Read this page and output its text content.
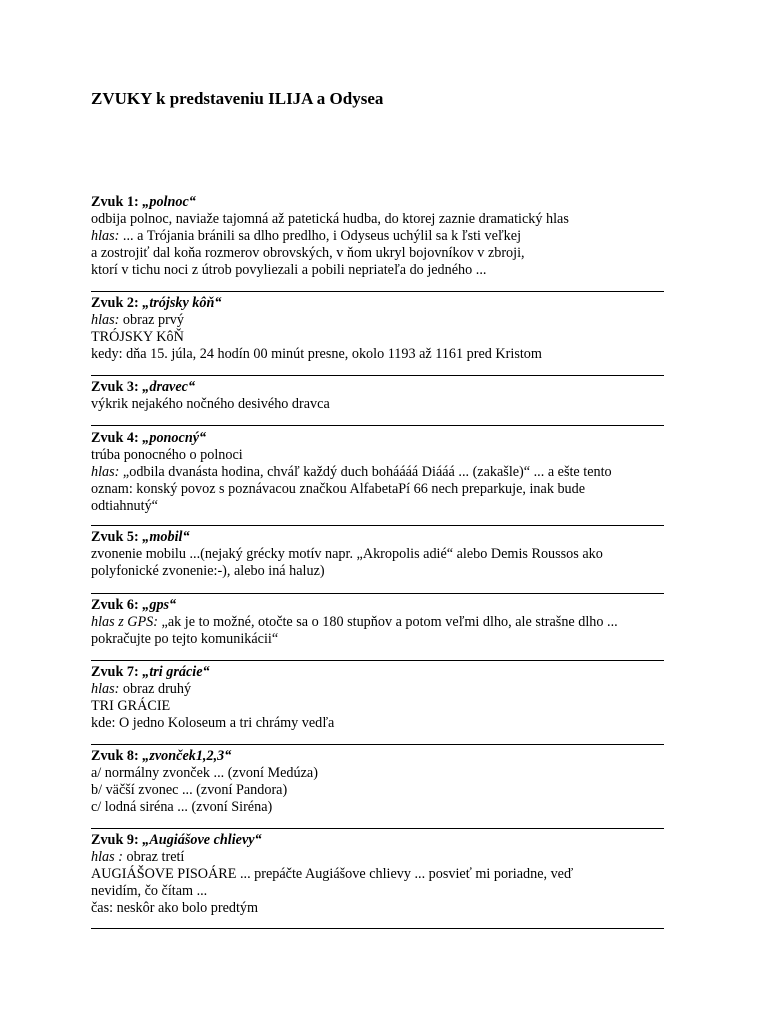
ZVUKY k predstaveniu ILIJA a Odysea
Zvuk 1: „polnoc“
odbija polnoc, naviaže tajomná až patetická hudba, do ktorej zaznie dramatický hlas
hlas: ... a Trójania bránili sa dlho predlho, i Odyseus uchýlil sa k ľsti veľkej
a zostrojiť dal koňa rozmerov obrovských, v ňom ukryl bojovníkov v zbroji,
ktorí v tichu noci z útrob povyliezali a pobili nepriateľa do jedného ...
Zvuk 2: „trójsky kôň“
hlas: obraz prvý
TRÓJSKY KôŇ
kedy: dňa 15. júla, 24 hodín 00 minút presne, okolo 1193 až 1161 pred Kristom
Zvuk 3: „dravec“
výkrik nejakého nočného desivého dravca
Zvuk 4: „ponocný“
trúba ponocného o polnoci
hlas: „odbila dvanásta hodina, chváľ každý duch boháááá Diááá ... (zakašle)“ ... a ešte tento
oznam: konský povoz s poznávacou značkou AlfabetaPí 66 nech preparkuje, inak bude
odtiahnutý“
Zvuk 5: „mobil“
zvonenie mobilu ...(nejaký grécky motív napr. „Akropolis adié“ alebo Demis Roussos ako
polyfonické zvonenie:-), alebo iná haluz)
Zvuk 6: „gps“
hlas z GPS: „ak je to možné, otočte sa o 180 stupňov a potom veľmi dlho, ale strašne dlho ...
pokračujte po tejto komunikácii“
Zvuk 7: „tri grácie“
hlas: obraz druhý
TRI GRÁCIE
kde: O jedno Koloseum a tri chrámy vedľa
Zvuk 8: „zvonček1,2,3“
a/ normálny zvonček ... (zvoní Medúza)
b/ väčší zvonec ... (zvoní Pandora)
c/ lodná siréna ... (zvoní Siréna)
Zvuk 9: „Augiášove chlievy“
hlas : obraz tretí
AUGIÁŠOVE PISOÁRE ... prepáčte Augiášove chlievy ... posvieť mi poriadne, veď
nevidím, čo čítam ...
čas: neskôr ako bolo predtým
